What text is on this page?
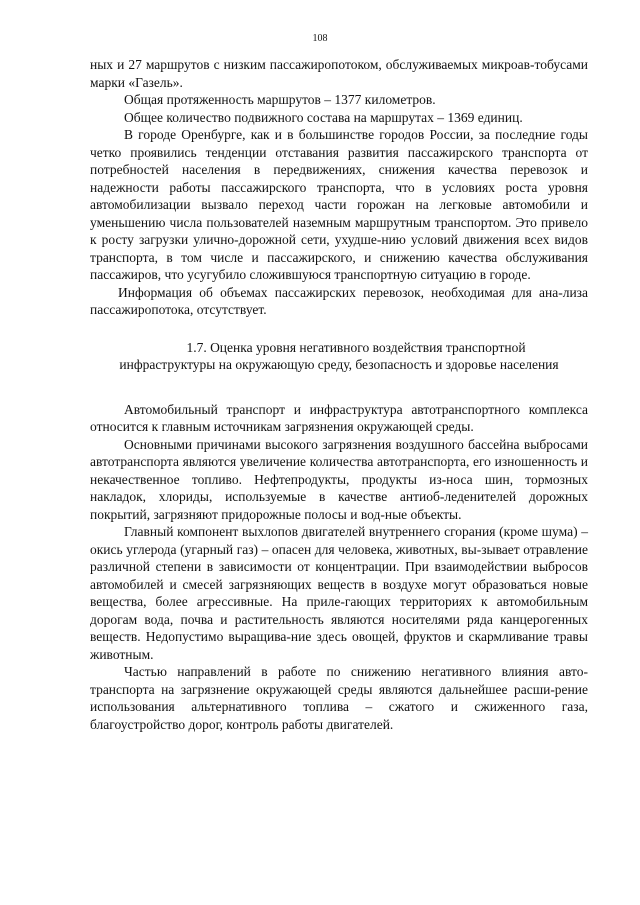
108

ных и 27 маршрутов с низким пассажиропотоком, обслуживаемых микроав-тобусами марки «Газель».

Общая протяженность маршрутов – 1377 километров.

Общее количество подвижного состава на маршрутах – 1369 единиц.

В городе Оренбурге, как и в большинстве городов России, за последние годы четко проявились тенденции отставания развития пассажирского транспорта от потребностей населения в передвижениях, снижения качества перевозок и надежности работы пассажирского транспорта, что в условиях роста уровня автомобилизации вызвало переход части горожан на легковые автомобили и уменьшению числа пользователей наземным маршрутным транспортом. Это привело к росту загрузки улично-дорожной сети, ухудше-нию условий движения всех видов транспорта, в том числе и пассажирского, и снижению качества обслуживания пассажиров, что усугубило сложившуюся транспортную ситуацию в городе.

Информация об объемах пассажирских перевозок, необходимая для ана-лиза пассажиропотока, отсутствует.

1.7. Оценка уровня негативного воздействия транспортной инфраструктуры на окружающую среду, безопасность и здоровье населения

Автомобильный транспорт и инфраструктура автотранспортного комплекса относится к главным источникам загрязнения окружающей среды.

Основными причинами высокого загрязнения воздушного бассейна выбросами автотранспорта являются увеличение количества автотранспорта, его изношенность и некачественное топливо. Нефтепродукты, продукты из-носа шин, тормозных накладок, хлориды, используемые в качестве антиоб-леденителей дорожных покрытий, загрязняют придорожные полосы и вод-ные объекты.

Главный компонент выхлопов двигателей внутреннего сгорания (кроме шума) – окись углерода (угарный газ) – опасен для человека, животных, вы-зывает отравление различной степени в зависимости от концентрации. При взаимодействии выбросов автомобилей и смесей загрязняющих веществ в воздухе могут образоваться новые вещества, более агрессивные. На приле-гающих территориях к автомобильным дорогам вода, почва и растительность являются носителями ряда канцерогенных веществ. Недопустимо выращива-ние здесь овощей, фруктов и скармливание травы животным.

Частью направлений в работе по снижению негативного влияния авто-транспорта на загрязнение окружающей среды являются дальнейшее расши-рение использования альтернативного топлива – сжатого и сжиженного газа, благоустройство дорог, контроль работы двигателей.
